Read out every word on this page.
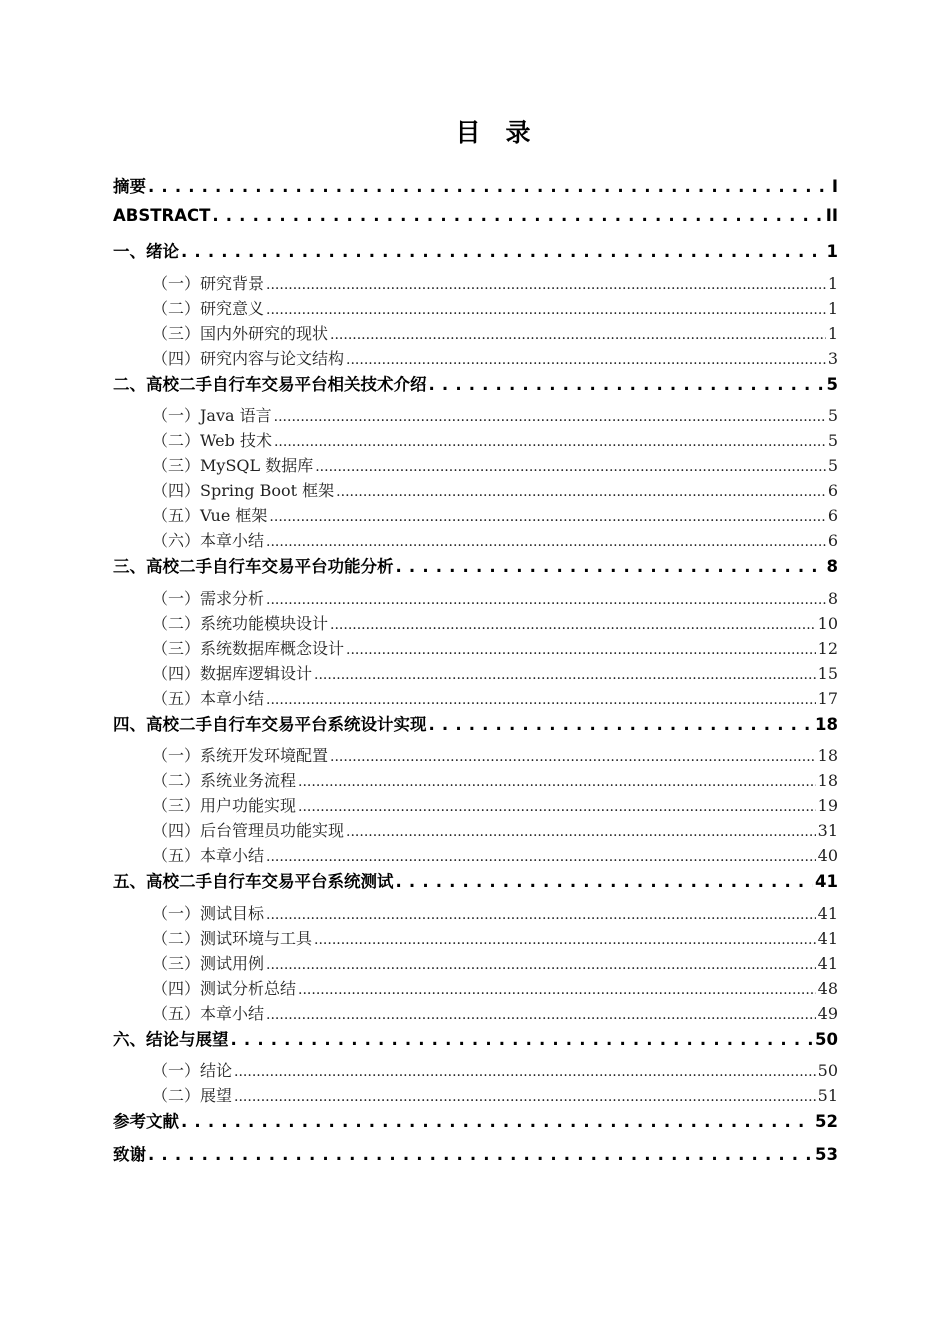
目　录
摘要 . . .	I
ABSTRACT . . .	II
一、 绪论 . . .	1
（一） 研究背景 .....	1
（二） 研究意义 .....	1
（三） 国内外研究的现状 .....	1
（四） 研究内容与论文结构 .....	3
二、 高校二手自行车交易平台相关技术介绍 . . .	5
（一） Java 语言 .....	5
（二） Web 技术 .....	5
（三） MySQL 数据库 .....	5
（四） Spring Boot 框架 .....	6
（五） Vue 框架 .....	6
（六） 本章小结 .....	6
三、 高校二手自行车交易平台功能分析 . . .	8
（一） 需求分析 .....	8
（二） 系统功能模块设计 .....	10
（三） 系统数据库概念设计 .....	12
（四） 数据库逻辑设计 .....	15
（五） 本章小结 .....	17
四、 高校二手自行车交易平台系统设计实现 . . .	18
（一） 系统开发环境配置 .....	18
（二） 系统业务流程 .....	18
（三） 用户功能实现 .....	19
（四） 后台管理员功能实现 .....	31
（五） 本章小结 .....	40
五、 高校二手自行车交易平台系统测试 . . .	41
（一） 测试目标 .....	41
（二） 测试环境与工具 .....	41
（三） 测试用例 .....	41
（四） 测试分析总结 .....	48
（五） 本章小结 .....	49
六、 结论与展望 . . .	50
（一） 结论 .....	50
（二） 展望 .....	51
参考文献 . . .	52
致谢 . . .	53
